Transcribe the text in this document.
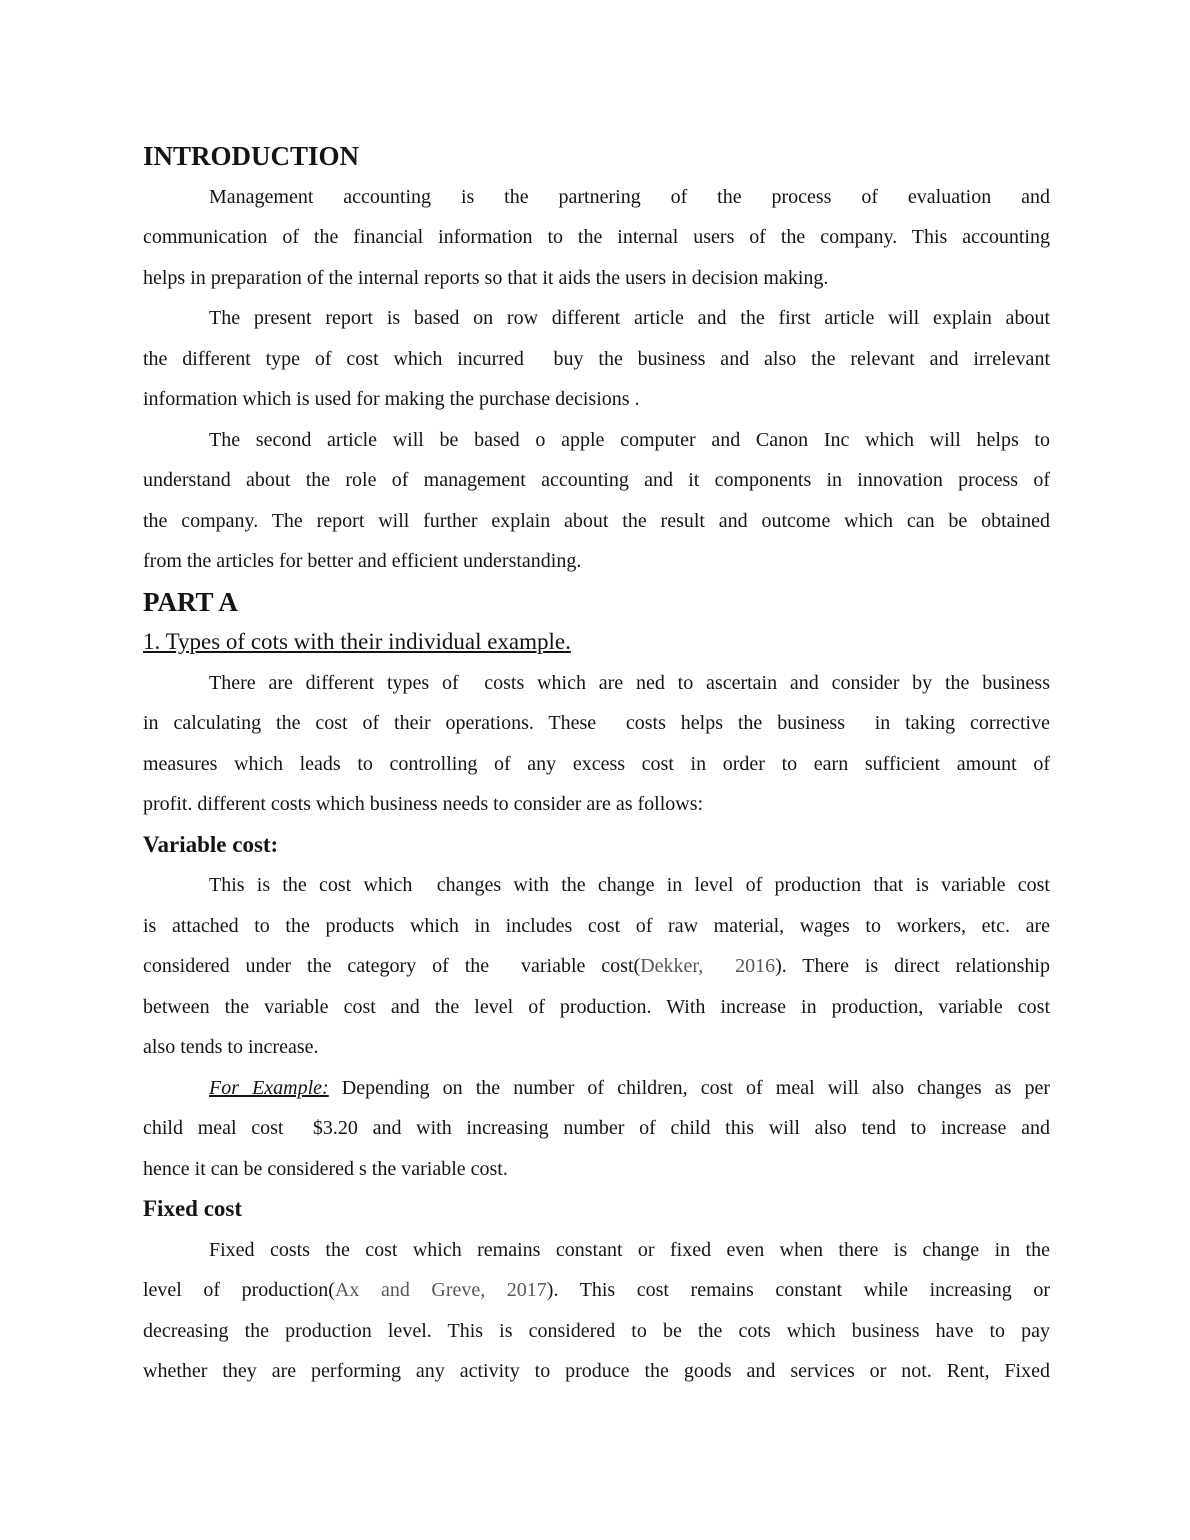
INTRODUCTION
Management  accounting  is  the  partnering  of  the  process  of  evaluation  and
communication of the financial information to the internal users of the company. This accounting
helps in preparation of the internal reports so that it aids the users in decision making.
The present report is based on row different article and the first article will explain about
the different type of cost which incurred  buy the business and also the relevant and irrelevant
information which is used for making the purchase decisions .
The second article will be based o apple computer and Canon Inc which will helps to
understand about the role of management accounting and it components in innovation process of
the company. The report will further explain about the result and outcome which can be obtained
from the articles for better and efficient understanding.
PART A
1. Types of cots with their individual example.
There are different types of  costs which are ned to ascertain and consider by the business
in calculating the cost of their operations. These  costs helps the business  in taking corrective
measures which leads to controlling of any excess cost in order to earn sufficient amount of
profit. different costs which business needs to consider are as follows:
Variable cost:
This is the cost which  changes with the change in level of production that is variable cost
is attached to the products which in includes cost of raw material, wages to workers, etc. are
considered under the category of the  variable cost(Dekker,  2016). There is direct relationship
between the variable cost and the level of production. With increase in production, variable cost
also tends to increase.
For Example: Depending on the number of children, cost of meal will also changes as per
child meal cost  $3.20 and with increasing number of child this will also tend to increase and
hence it can be considered s the variable cost.
Fixed cost
Fixed costs the cost which remains constant or fixed even when there is change in the
level of production(Ax and Greve, 2017). This cost remains constant while increasing or
decreasing the production level. This is considered to be the cots which business have to pay
whether they are performing any activity to produce the goods and services or not. Rent, Fixed
